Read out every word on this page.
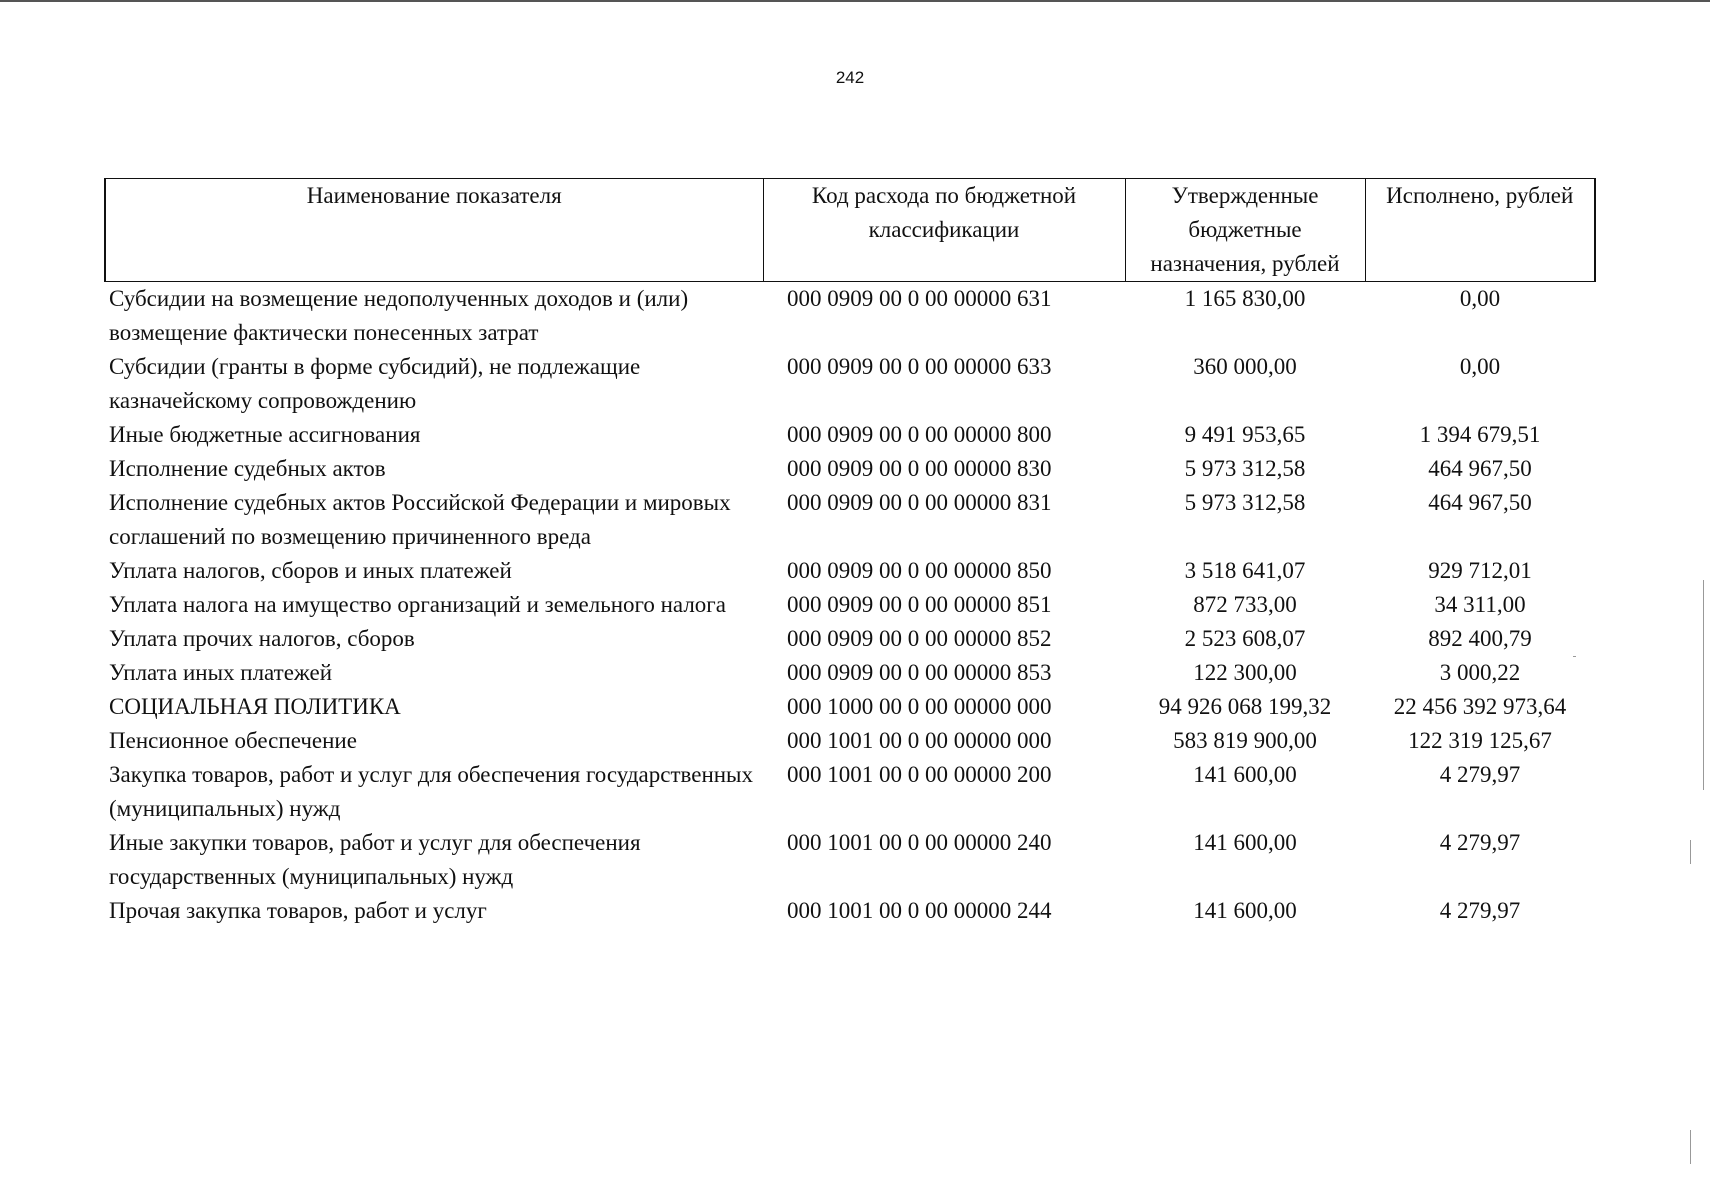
242
Наименование показателя	Код расхода по бюджетной классификации	Утвержденные бюджетные назначения, рублей	Исполнено, рублей
Субсидии на возмещение недополученных доходов и (или) возмещение фактически понесенных затрат	000 0909 00 0 00 00000 631	1 165 830,00	0,00
Субсидии (гранты в форме субсидий), не подлежащие казначейскому сопровождению	000 0909 00 0 00 00000 633	360 000,00	0,00
Иные бюджетные ассигнования	000 0909 00 0 00 00000 800	9 491 953,65	1 394 679,51
Исполнение судебных актов	000 0909 00 0 00 00000 830	5 973 312,58	464 967,50
Исполнение судебных актов Российской Федерации и мировых соглашений по возмещению причиненного вреда	000 0909 00 0 00 00000 831	5 973 312,58	464 967,50
Уплата налогов, сборов и иных платежей	000 0909 00 0 00 00000 850	3 518 641,07	929 712,01
Уплата налога на имущество организаций и земельного налога	000 0909 00 0 00 00000 851	872 733,00	34 311,00
Уплата прочих налогов, сборов	000 0909 00 0 00 00000 852	2 523 608,07	892 400,79
Уплата иных платежей	000 0909 00 0 00 00000 853	122 300,00	3 000,22
СОЦИАЛЬНАЯ ПОЛИТИКА	000 1000 00 0 00 00000 000	94 926 068 199,32	22 456 392 973,64
Пенсионное обеспечение	000 1001 00 0 00 00000 000	583 819 900,00	122 319 125,67
Закупка товаров, работ и услуг для обеспечения государственных (муниципальных) нужд	000 1001 00 0 00 00000 200	141 600,00	4 279,97
Иные закупки товаров, работ и услуг для обеспечения государственных (муниципальных) нужд	000 1001 00 0 00 00000 240	141 600,00	4 279,97
Прочая закупка товаров, работ и услуг	000 1001 00 0 00 00000 244	141 600,00	4 279,97
